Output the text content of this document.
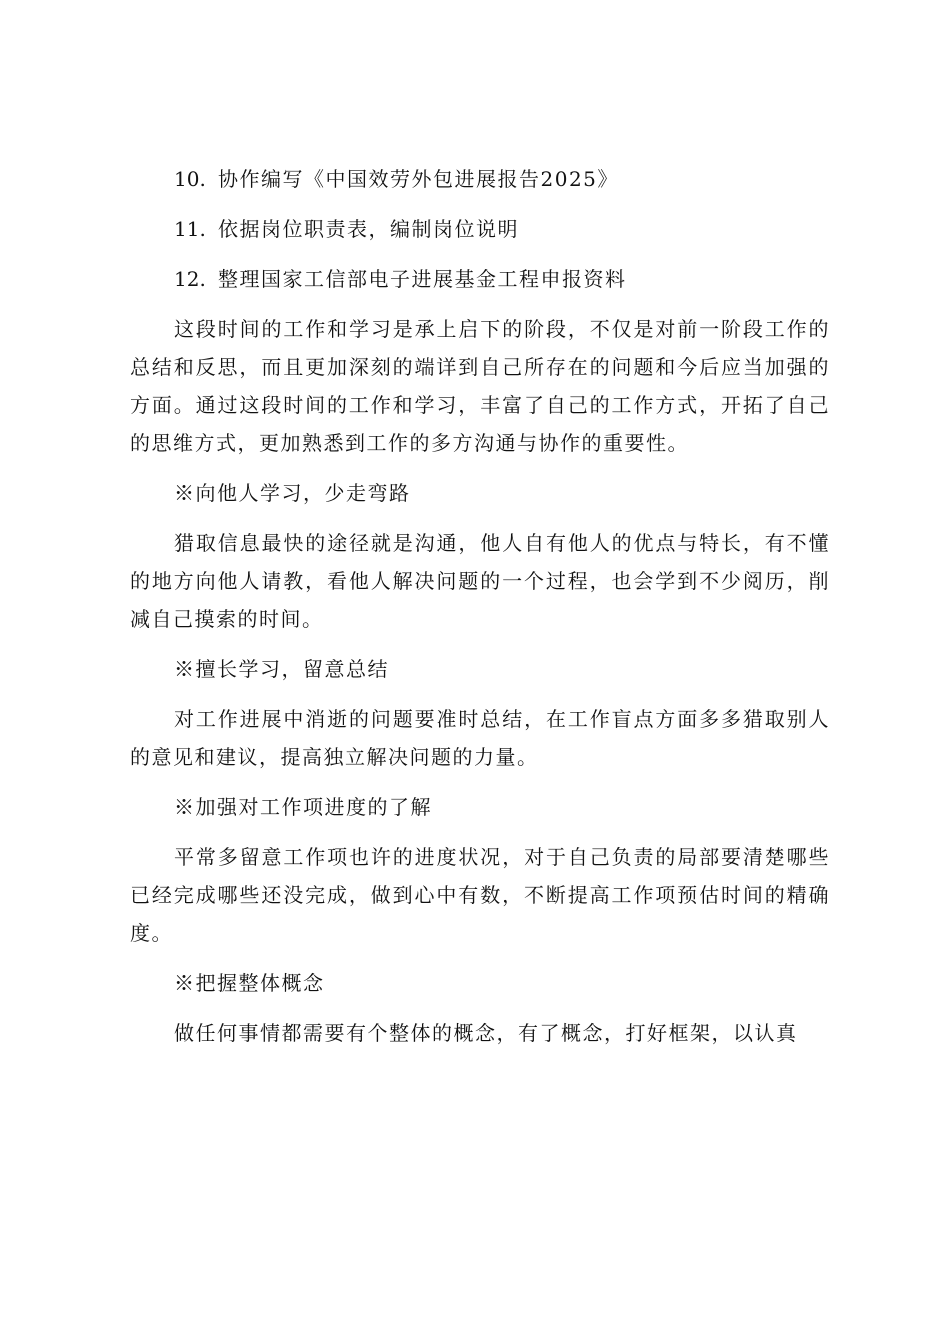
10. 协作编写《中国效劳外包进展报告2025》
11. 依据岗位职责表，编制岗位说明
12. 整理国家工信部电子进展基金工程申报资料

这段时间的工作和学习是承上启下的阶段，不仅是对前一阶段工作的总结和反思，而且更加深刻的端详到自己所存在的问题和今后应当加强的方面。通过这段时间的工作和学习，丰富了自己的工作方式，开拓了自己的思维方式，更加熟悉到工作的多方沟通与协作的重要性。

※向他人学习，少走弯路

猎取信息最快的途径就是沟通，他人自有他人的优点与特长，有不懂的地方向他人请教，看他人解决问题的一个过程，也会学到不少阅历，削减自己摸索的时间。

※擅长学习，留意总结

对工作进展中消逝的问题要准时总结，在工作盲点方面多多猎取别人的意见和建议，提高独立解决问题的力量。

※加强对工作项进度的了解

平常多留意工作项也许的进度状况，对于自己负责的局部要清楚哪些已经完成哪些还没完成，做到心中有数，不断提高工作项预估时间的精确度。

※把握整体概念

做任何事情都需要有个整体的概念，有了概念，打好框架，以认真
